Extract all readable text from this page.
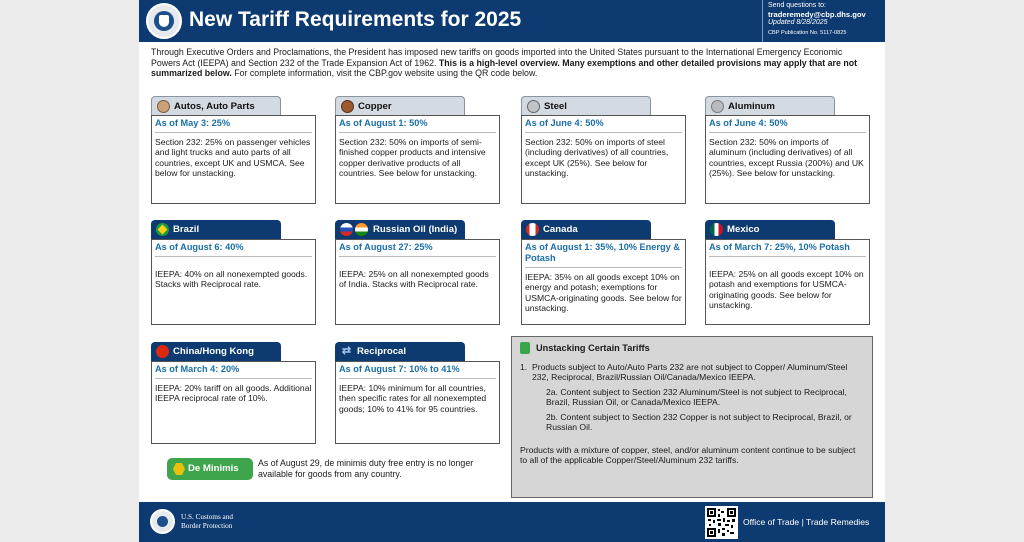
New Tariff Requirements for 2025
Send questions to:
traderemedy@cbp.dhs.gov
Updated 8/28/2025
CBP Publication No. 5117-0825
Through Executive Orders and Proclamations, the President has imposed new tariffs on goods imported into the United States pursuant to the International Emergency Economic Powers Act (IEEPA) and Section 232 of the Trade Expansion Act of 1962. This is a high-level overview. Many exemptions and other detailed provisions may apply that are not summarized below. For complete information, visit the CBP.gov website using the QR code below.
Autos, Auto Parts
As of May 3: 25%
Section 232: 25% on passenger vehicles and light trucks and auto parts of all countries, except UK and USMCA. See below for unstacking.
Copper
As of August 1: 50%
Section 232: 50% on imports of semi-finished copper products and intensive copper derivative products of all countries. See below for unstacking.
Steel
As of June 4: 50%
Section 232: 50% on imports of steel (including derivatives) of all countries, except UK (25%). See below for unstacking.
Aluminum
As of June 4: 50%
Section 232: 50% on imports of aluminum (including derivatives) of all countries, except Russia (200%) and UK (25%). See below for unstacking.
Brazil
As of August 6: 40%
IEEPA: 40% on all nonexempted goods. Stacks with Reciprocal rate.
Russian Oil (India)
As of August 27: 25%
IEEPA: 25% on all nonexempted goods of India. Stacks with Reciprocal rate.
Canada
As of August 1: 35%, 10% Energy & Potash
IEEPA: 35% on all goods except 10% on energy and potash; exemptions for USMCA-originating goods. See below for unstacking.
Mexico
As of March 7: 25%, 10% Potash
IEEPA: 25% on all goods except 10% on potash and exemptions for USMCA-originating goods. See below for unstacking.
China/Hong Kong
As of March 4: 20%
IEEPA: 20% tariff on all goods. Additional IEEPA reciprocal rate of 10%.
⇄ Reciprocal
As of August 7: 10% to 41%
IEEPA: 10% minimum for all countries, then specific rates for all nonexempted goods; 10% to 41% for 95 countries.
Unstacking Certain Tariffs
1. Products subject to Auto/Auto Parts 232 are not subject to Copper/ Aluminum/Steel 232, Reciprocal, Brazil/Russian Oil/Canada/Mexico IEEPA.
2a. Content subject to Section 232 Aluminum/Steel is not subject to Reciprocal, Brazil, Russian Oil, or Canada/Mexico IEEPA.
2b. Content subject to Section 232 Copper is not subject to Reciprocal, Brazil, or Russian Oil.
Products with a mixture of copper, steel, and/or aluminum content continue to be subject to all of the applicable Copper/Steel/Aluminum 232 tariffs.
De Minimis	As of August 29, de minimis duty free entry is no longer available for goods from any country.
U.S. Customs and
Border Protection	Office of Trade | Trade Remedies
